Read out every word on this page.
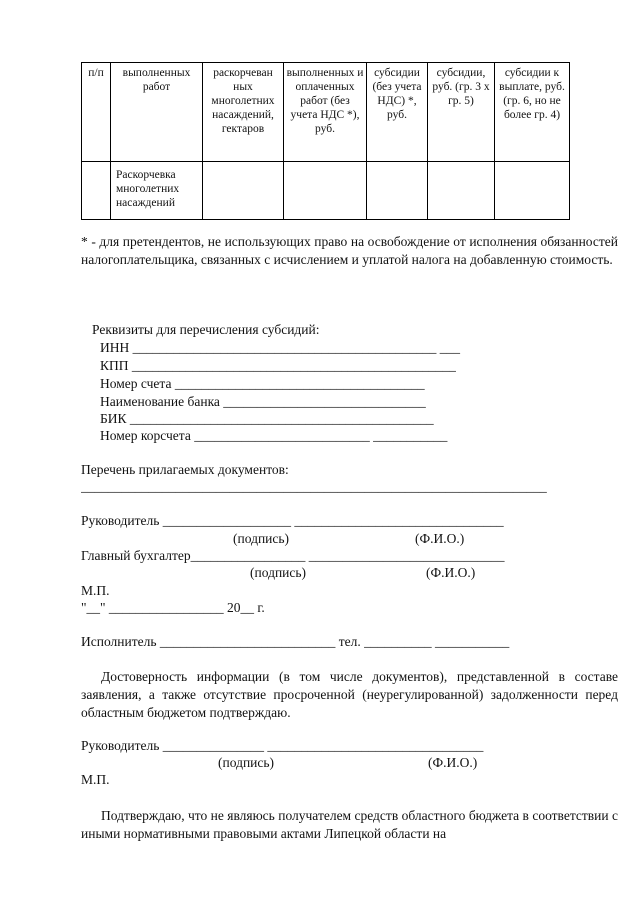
п/п	выполненных работ	раскорчеван ных многолетних насаждений, гектаров	выполненных и оплаченных работ (без учета НДС *), руб.	субсидии (без учета НДС) *, руб.	субсидии, руб. (гр. 3 x гр. 5)	субсидии к выплате, руб. (гр. 6, но не более гр. 4)
	Раскорчевка многолетних насаждений					
* - для претендентов, не использующих право на освобождение от исполнения обязанностей налогоплательщика, связанных с исчислением и уплатой налога на добавленную стоимость.
Реквизиты для перечисления субсидий:
ИНН _____________________________________________ ___
КПП ________________________________________________
Номер счета _____________________________________
Наименование банка ______________________________
БИК _____________________________________________
Номер корсчета __________________________ ___________
Перечень прилагаемых документов:
_____________________________________________________________________
Руководитель ___________________ _______________________________
(подпись)	(Ф.И.О.)
Главный бухгалтер_________________ _____________________________
(подпись)	(Ф.И.О.)
М.П.
"__" _________________ 20__ г.
Исполнитель __________________________ тел. __________ ___________
Достоверность информации (в том числе документов), представленной в составе заявления, а также отсутствие просроченной (неурегулированной) задолженности перед областным бюджетом подтверждаю.
Руководитель _______________ ________________________________
(подпись)	(Ф.И.О.)
М.П.
Подтверждаю, что не являюсь получателем средств областного бюджета в соответствии с иными нормативными правовыми актами Липецкой области на
